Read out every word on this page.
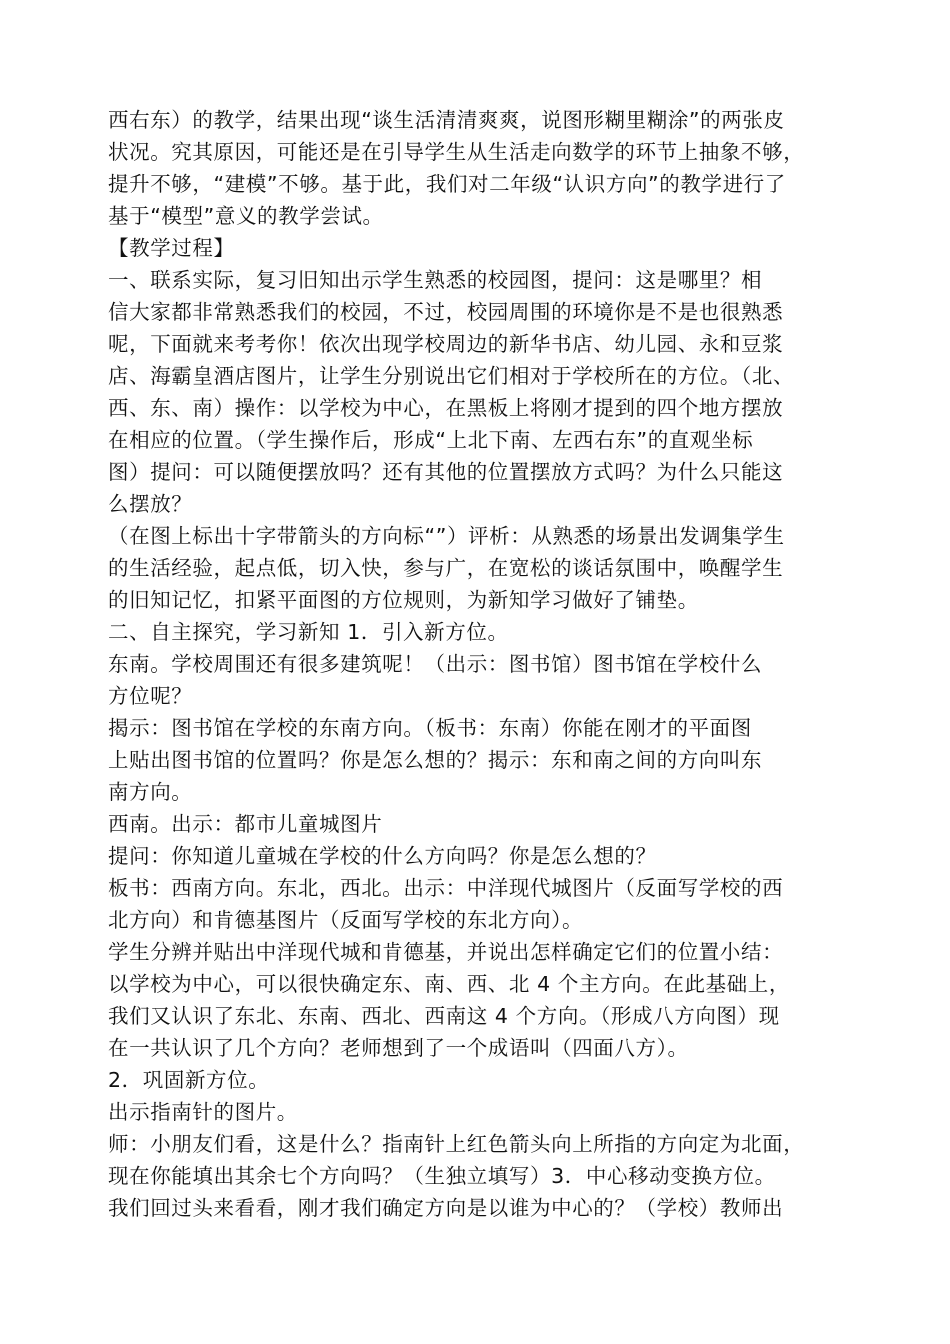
西右东）的教学，结果出现“谈生活清清爽爽，说图形糊里糊涂”的两张皮
状况。究其原因，可能还是在引导学生从生活走向数学的环节上抽象不够，
提升不够，“建模”不够。基于此，我们对二年级“认识方向”的教学进行了
基于“模型”意义的教学尝试。
【教学过程】
一、联系实际，复习旧知出示学生熟悉的校园图，提问：这是哪里？相
信大家都非常熟悉我们的校园，不过，校园周围的环境你是不是也很熟悉
呢，下面就来考考你！依次出现学校周边的新华书店、幼儿园、永和豆浆
店、海霸皇酒店图片，让学生分别说出它们相对于学校所在的方位。（北、
西、东、南）操作：以学校为中心，在黑板上将刚才提到的四个地方摆放
在相应的位置。（学生操作后，形成“上北下南、左西右东”的直观坐标
图）提问：可以随便摆放吗？还有其他的位置摆放方式吗？为什么只能这
么摆放？
（在图上标出十字带箭头的方向标“”）评析：从熟悉的场景出发调集学生
的生活经验，起点低，切入快，参与广，在宽松的谈话氛围中，唤醒学生
的旧知记忆，扣紧平面图的方位规则，为新知学习做好了铺垫。
二、自主探究，学习新知 1．引入新方位。
东南。学校周围还有很多建筑呢！（出示：图书馆）图书馆在学校什么
方位呢？
揭示：图书馆在学校的东南方向。（板书：东南）你能在刚才的平面图
上贴出图书馆的位置吗？你是怎么想的？揭示：东和南之间的方向叫东
南方向。
西南。出示：都市儿童城图片
提问：你知道儿童城在学校的什么方向吗？你是怎么想的？
板书：西南方向。东北，西北。出示：中洋现代城图片（反面写学校的西
北方向）和肯德基图片（反面写学校的东北方向）。
学生分辨并贴出中洋现代城和肯德基，并说出怎样确定它们的位置小结：
以学校为中心，可以很快确定东、南、西、北 4 个主方向。在此基础上，
我们又认识了东北、东南、西北、西南这 4 个方向。（形成八方向图）现
在一共认识了几个方向？老师想到了一个成语叫（四面八方）。
2．巩固新方位。
出示指南针的图片。
师：小朋友们看，这是什么？指南针上红色箭头向上所指的方向定为北面，
现在你能填出其余七个方向吗？（生独立填写）3．中心移动变换方位。
我们回过头来看看，刚才我们确定方向是以谁为中心的？（学校）教师出
